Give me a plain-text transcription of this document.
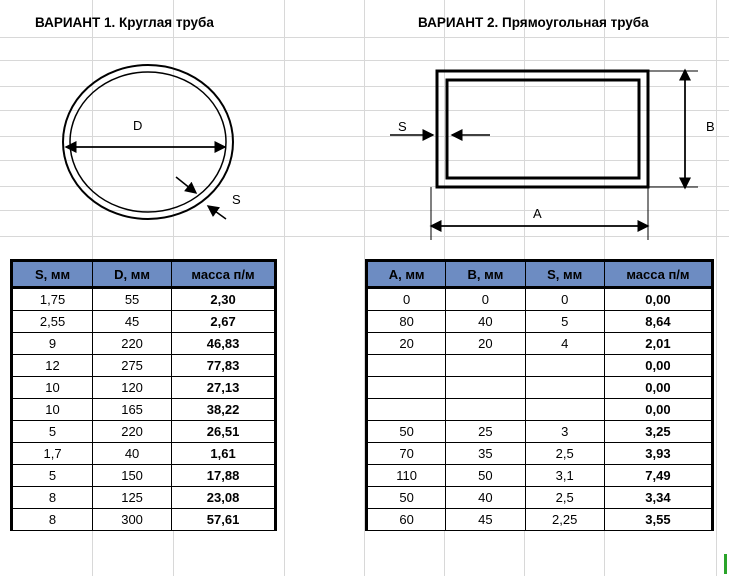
ВАРИАНТ 1. Круглая труба	ВАРИАНТ 2. Прямоугольная труба
D
S
S	B
A
S, мм	D, мм	масса п/м
1,75	55	2,30
2,55	45	2,67
9	220	46,83
12	275	77,83
10	120	27,13
10	165	38,22
5	220	26,51
1,7	40	1,61
5	150	17,88
8	125	23,08
8	300	57,61
A, мм	B, мм	S, мм	масса п/м
0	0	0	0,00
80	40	5	8,64
20	20	4	2,01
			0,00
			0,00
			0,00
50	25	3	3,25
70	35	2,5	3,93
110	50	3,1	7,49
50	40	2,5	3,34
60	45	2,25	3,55
